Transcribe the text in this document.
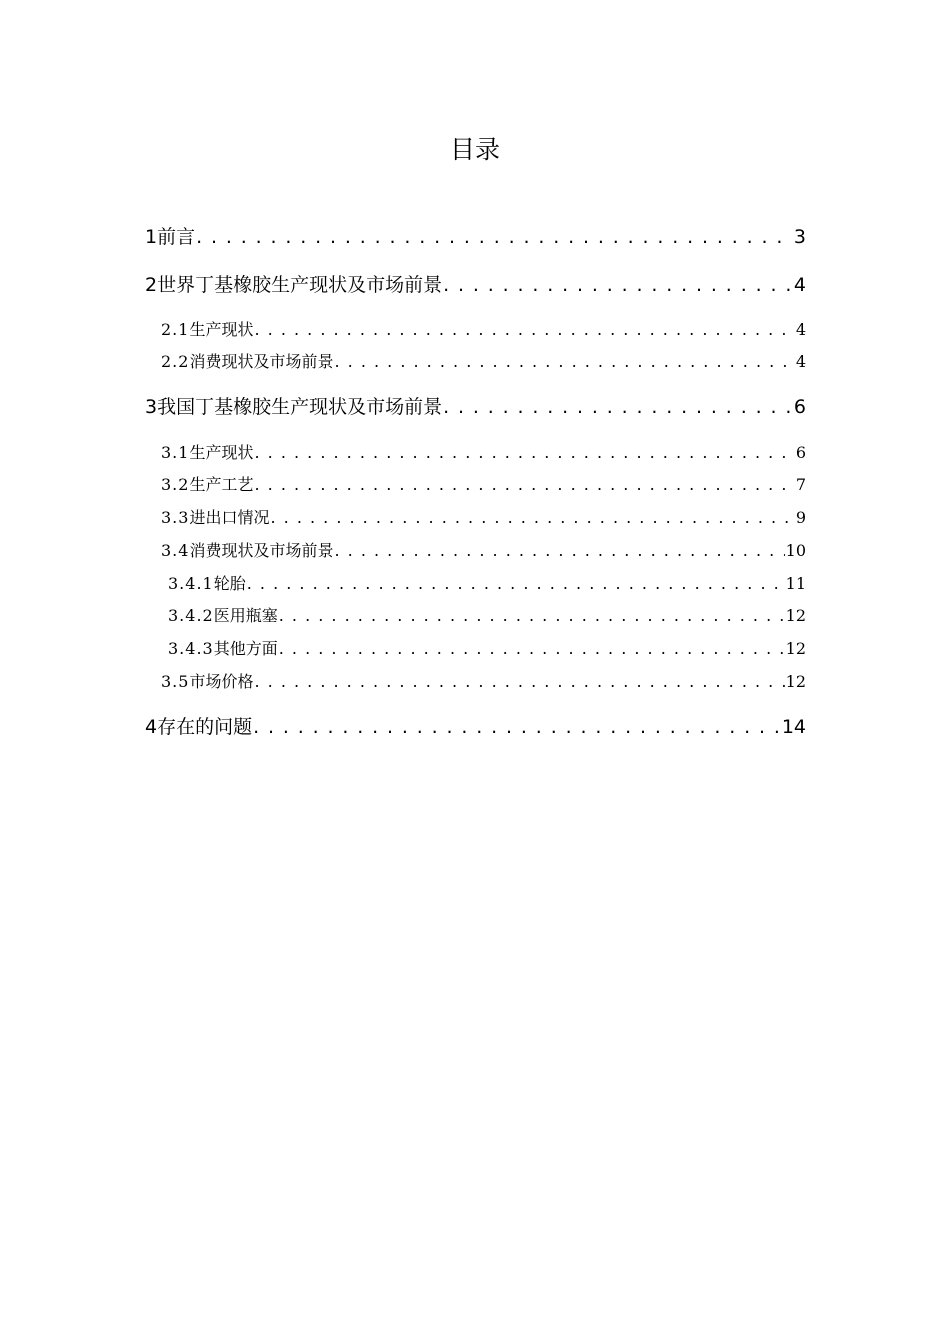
目录
1 前言 . . .	3
2 世界丁基橡胶生产现状及市场前景 . . .	4
2.1 生产现状 . . .	4
2.2 消费现状及市场前景 . . .	4
3 我国丁基橡胶生产现状及市场前景 . . .	6
3.1 生产现状 . . .	6
3.2 生产工艺 . . .	7
3.3 进出口情况 . . .	9
3.4 消费现状及市场前景 . . .	10
3.4.1 轮胎 . . .	11
3.4.2 医用瓶塞 . . .	12
3.4.3 其他方面 . . .	12
3.5 市场价格 . . .	12
4 存在的问题 . . .	14
